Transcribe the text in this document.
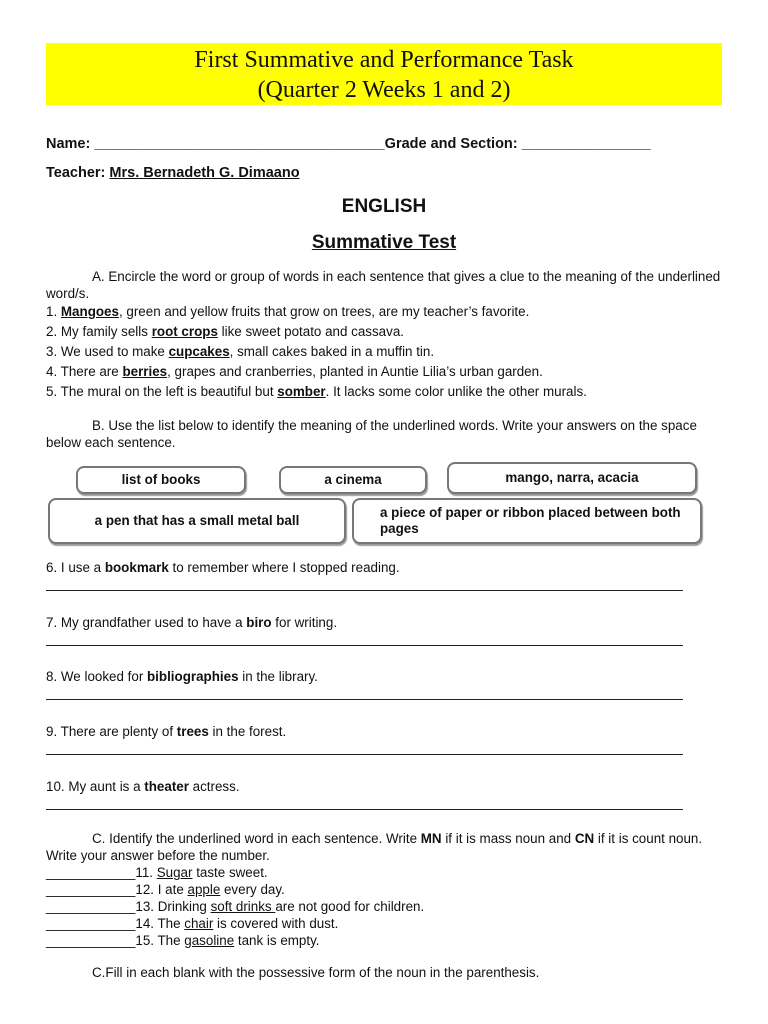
First Summative and Performance Task
(Quarter 2 Weeks 1 and 2)
Name: ____________________________________Grade and Section: ________________
Teacher: Mrs. Bernadeth G. Dimaano
ENGLISH
Summative Test
A. Encircle the word or group of words in each sentence that gives a clue to the meaning of the underlined word/s.
1. Mangoes, green and yellow fruits that grow on trees, are my teacher’s favorite.
2. My family sells root crops like sweet potato and cassava.
3. We used to make cupcakes, small cakes baked in a muffin tin.
4. There are berries, grapes and cranberries, planted in Auntie Lilia’s urban garden.
5. The mural on the left is beautiful but somber. It lacks some color unlike the other murals.
B. Use the list below to identify the meaning of the underlined words. Write your answers on the space below each sentence.
list of books	a cinema	mango, narra, acacia
a pen that has a small metal ball
a piece of paper or ribbon placed between both pages
6. I use a bookmark to remember where I stopped reading.
7. My grandfather used to have a biro for writing.
8. We looked for bibliographies in the library.
9. There are plenty of trees in the forest.
10. My aunt is a theater actress.
C. Identify the underlined word in each sentence. Write MN if it is mass noun and CN if it is count noun. Write your answer before the number.
____________11. Sugar taste sweet.
____________12. I ate apple every day.
____________13. Drinking soft drinks are not good for children.
____________14. The chair is covered with dust.
____________15. The gasoline tank is empty.
C.Fill in each blank with the possessive form of the noun in the parenthesis.
